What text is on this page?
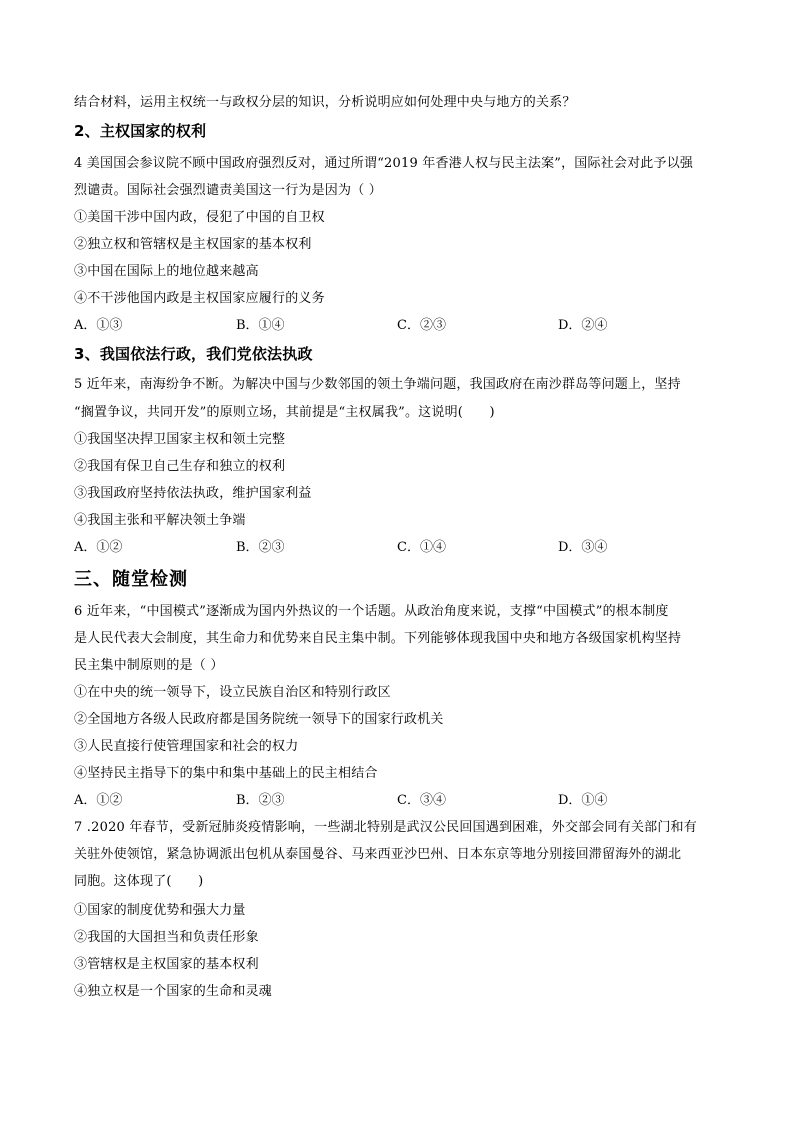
结合材料，运用主权统一与政权分层的知识，分析说明应如何处理中央与地方的关系？
2、主权国家的权利
4 美国国会参议院不顾中国政府强烈反对，通过所谓“2019 年香港人权与民主法案”，国际社会对此予以强
烈谴责。国际社会强烈谴责美国这一行为是因为（ ）
①美国干涉中国内政，侵犯了中国的自卫权
②独立权和管辖权是主权国家的基本权利
③中国在国际上的地位越来越高
④不干涉他国内政是主权国家应履行的义务
A．①③	B．①④	C．②③	D．②④
3、我国依法行政，我们党依法执政
5 近年来，南海纷争不断。为解决中国与少数邻国的领土争端问题，我国政府在南沙群岛等问题上，坚持
“搁置争议，共同开发”的原则立场，其前提是“主权属我”。这说明(　　)
①我国坚决捍卫国家主权和领土完整
②我国有保卫自己生存和独立的权利
③我国政府坚持依法执政，维护国家利益
④我国主张和平解决领土争端
A．①②	B．②③	C．①④	D．③④
三、随堂检测
6 近年来，“中国模式”逐渐成为国内外热议的一个话题。从政治角度来说，支撑“中国模式”的根本制度
是人民代表大会制度，其生命力和优势来自民主集中制。下列能够体现我国中央和地方各级国家机构坚持
民主集中制原则的是（ ）
①在中央的统一领导下，设立民族自治区和特别行政区
②全国地方各级人民政府都是国务院统一领导下的国家行政机关
③人民直接行使管理国家和社会的权力
④坚持民主指导下的集中和集中基础上的民主相结合
A．①②	B．②③	C．③④	D．①④
7 .2020 年春节，受新冠肺炎疫情影响，一些湖北特别是武汉公民回国遇到困难，外交部会同有关部门和有
关驻外使领馆，紧急协调派出包机从泰国曼谷、马来西亚沙巴州、日本东京等地分别接回滞留海外的湖北
同胞。这体现了(　　)
①国家的制度优势和强大力量
②我国的大国担当和负责任形象
③管辖权是主权国家的基本权利
④独立权是一个国家的生命和灵魂
